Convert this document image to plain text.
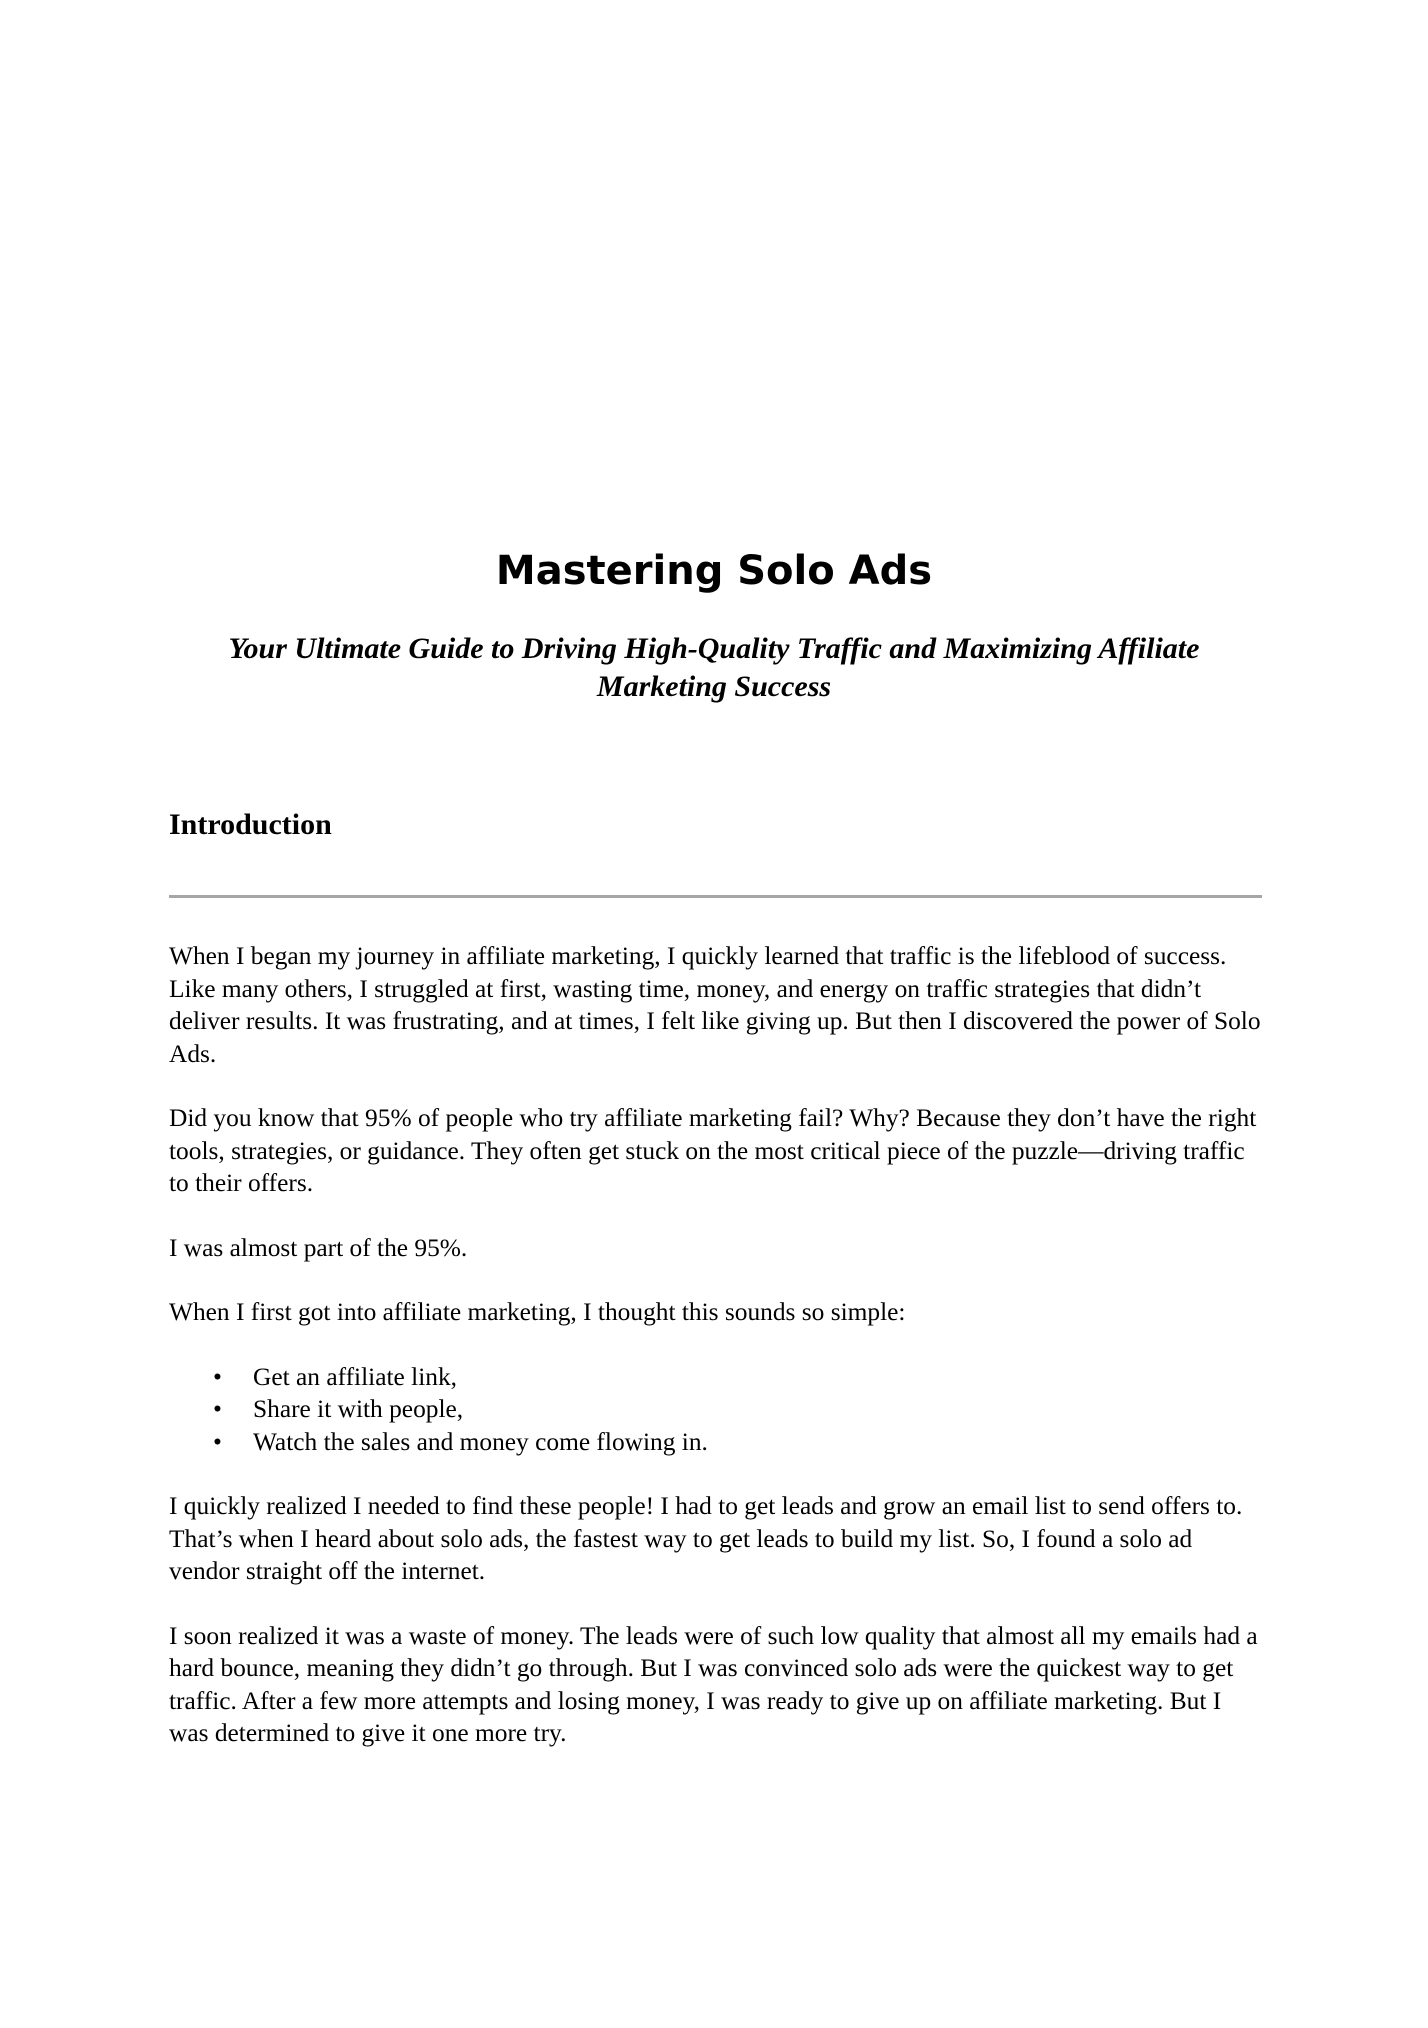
Mastering Solo Ads
Your Ultimate Guide to Driving High-Quality Traffic and Maximizing Affiliate Marketing Success
Introduction

When I began my journey in affiliate marketing, I quickly learned that traffic is the lifeblood of success. Like many others, I struggled at first, wasting time, money, and energy on traffic strategies that didn’t deliver results. It was frustrating, and at times, I felt like giving up. But then I discovered the power of Solo Ads.

Did you know that 95% of people who try affiliate marketing fail? Why? Because they don’t have the right tools, strategies, or guidance. They often get stuck on the most critical piece of the puzzle—driving traffic to their offers.

I was almost part of the 95%.

When I first got into affiliate marketing, I thought this sounds so simple:

• Get an affiliate link,
• Share it with people,
• Watch the sales and money come flowing in.

I quickly realized I needed to find these people! I had to get leads and grow an email list to send offers to. That’s when I heard about solo ads, the fastest way to get leads to build my list. So, I found a solo ad vendor straight off the internet.

I soon realized it was a waste of money. The leads were of such low quality that almost all my emails had a hard bounce, meaning they didn’t go through. But I was convinced solo ads were the quickest way to get traffic. After a few more attempts and losing money, I was ready to give up on affiliate marketing. But I was determined to give it one more try.
